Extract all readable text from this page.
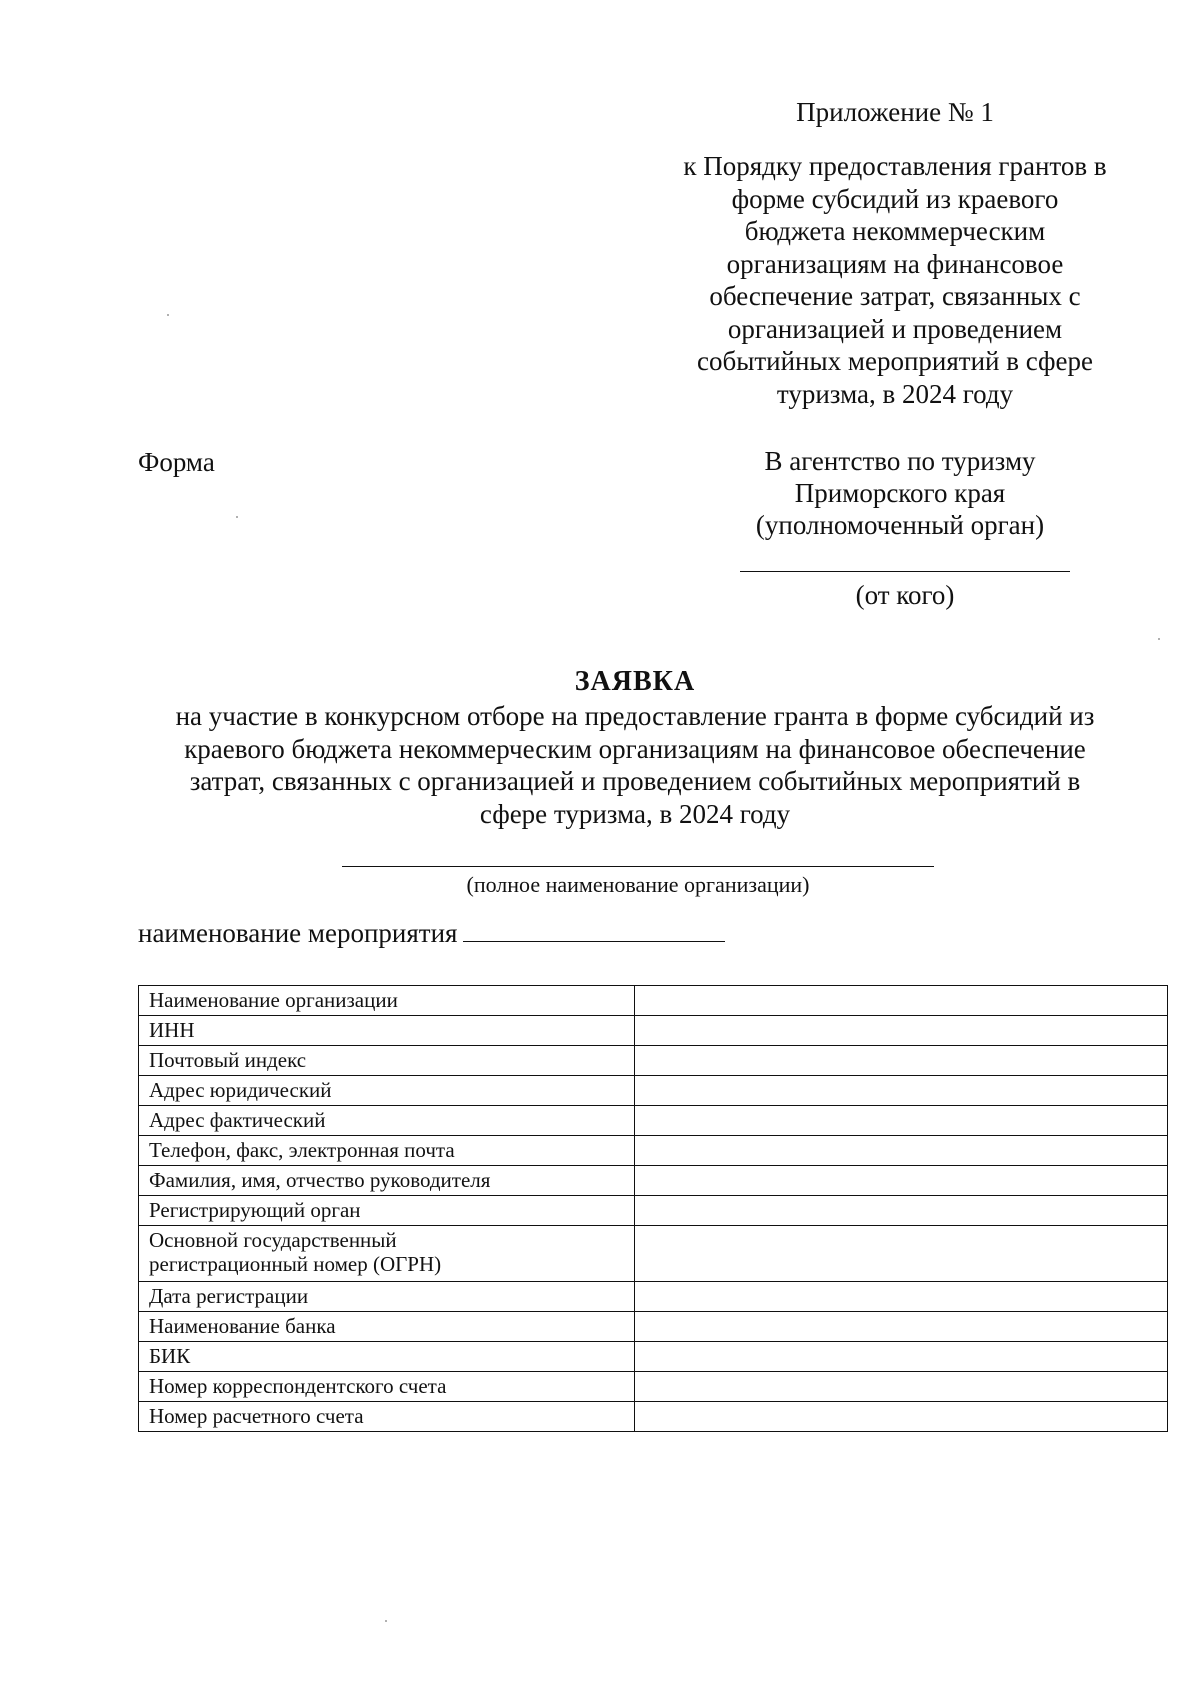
Приложение № 1
к Порядку предоставления грантов в
форме субсидий из краевого
бюджета некоммерческим
организациям на финансовое
обеспечение затрат, связанных с
организацией и проведением
событийных мероприятий в сфере
туризма, в 2024 году
Форма	В агентство по туризму
Приморского края
(уполномоченный орган)
(от кого)
ЗАЯВКА
на участие в конкурсном отборе на предоставление гранта в форме субсидий из
краевого бюджета некоммерческим организациям на финансовое обеспечение
затрат, связанных с организацией и проведением событийных мероприятий в
сфере туризма, в 2024 году
(полное наименование организации)
наименование мероприятия
Наименование организации	
ИНН	
Почтовый индекс	
Адрес юридический	
Адрес фактический	
Телефон, факс, электронная почта	
Фамилия, имя, отчество руководителя	
Регистрирующий орган	
Основной государственный
регистрационный номер (ОГРН)	
Дата регистрации	
Наименование банка	
БИК	
Номер корреспондентского счета	
Номер расчетного счета	
